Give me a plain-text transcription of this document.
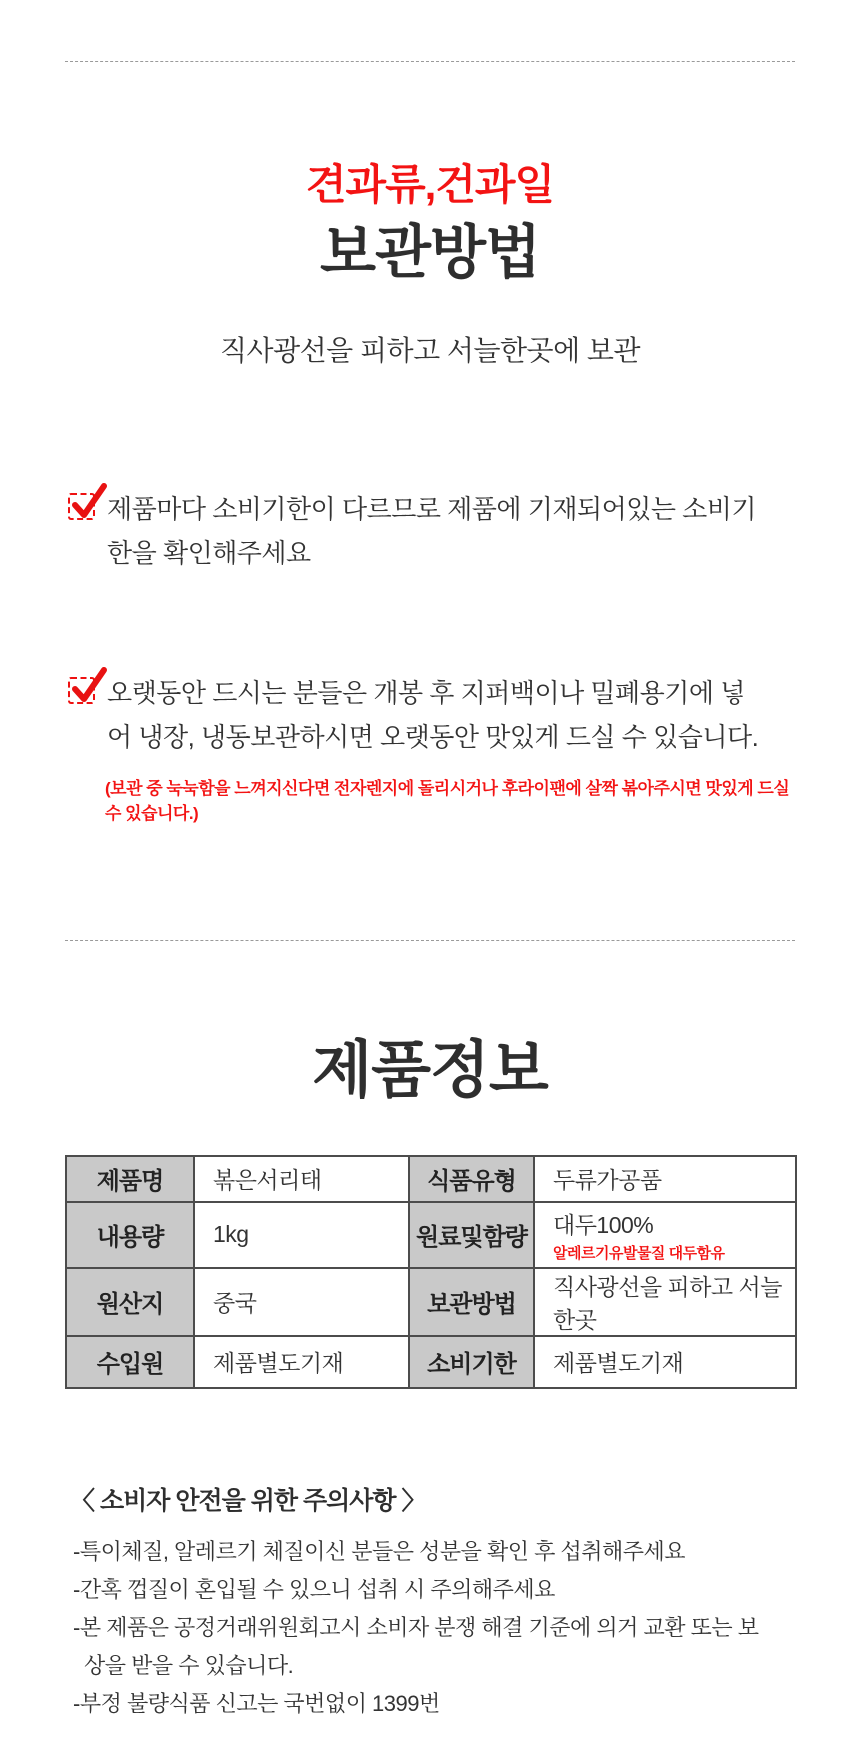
견과류,건과일
보관방법
직사광선을 피하고 서늘한곳에 보관
제품마다 소비기한이 다르므로 제품에 기재되어있는 소비기한을 확인해주세요
오랫동안 드시는 분들은 개봉 후 지퍼백이나 밀폐용기에 넣어 냉장, 냉동보관하시면 오랫동안 맛있게 드실 수 있습니다.
(보관 중 눅눅함을 느껴지신다면 전자렌지에 돌리시거나 후라이팬에 살짝 볶아주시면 맛있게 드실 수 있습니다.)
제품정보
제품명	볶은서리태	식품유형	두류가공품
내용량	1kg	원료및함량	대두100%
알레르기유발물질 대두함유

원산지	중국	보관방법	직사광선을 피하고 서늘한곳
수입원	제품별도기재	소비기한	제품별도기재
〈 소비자 안전을 위한 주의사항 〉

-특이체질, 알레르기 체질이신 분들은 성분을 확인 후 섭취해주세요

-간혹 껍질이 혼입될 수 있으니 섭취 시 주의해주세요

-본 제품은 공정거래위원회고시 소비자 분쟁 해결 기준에 의거 교환 또는 보상을 받을 수 있습니다.

-부정 불량식품 신고는 국번없이 1399번
